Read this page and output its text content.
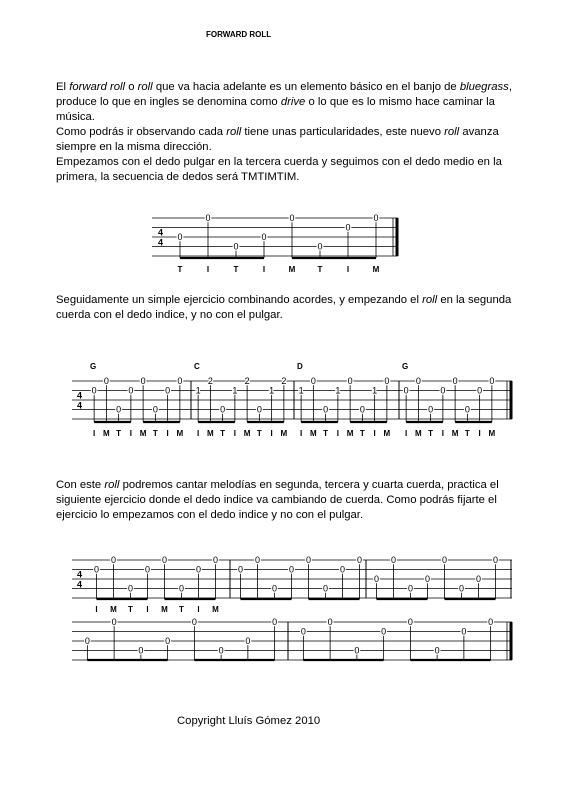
FORWARD ROLL
El forward roll o roll que va hacia adelante es un elemento básico en el banjo de bluegrass, produce lo que en ingles se denomina como drive o lo que es lo mismo hace caminar la música.
Como podrás ir observando cada roll tiene unas particularidades, este nuevo roll avanza siempre en la misma dirección.
Empezamos con el dedo pulgar en la tercera cuerda y seguimos con el dedo medio en la primera, la secuencia de dedos será TMTIMTIM.
4
4
0
0
0
0
0
0
0
0
T	I	T	I	M	T	I	M
Seguidamente un simple ejercicio combinando acordes, y empezando el roll en la segunda cuerda con el dedo indice, y no con el pulgar.
4
4
G
0
0
0
0
0
0
0
0
I M T I M T I M
C
1
2
0
1
2
0
1
2
I M T I M T I M
D
1
0
0
1
0
0
1
0
I M T I M T I M
G
0
0
0
0
0
0
0
0
I M T I M T I M
Con este roll podremos cantar melodías en segunda, tercera y cuarta cuerda, practica el siguiente ejercicio donde el dedo indice va cambiando de cuerda. Como podrás fijarte el ejercicio lo empezamos con el dedo indice y no con el pulgar.
4
4
0
0
0
0
0
0
0
0
I M T I M T I M
0
0
0
0
0
0
0
0
0
0
0
0
0
0
0
0
0
0
0
0
0
0
0
0
0
0
0
0
0
0
0
0
Copyright Lluís Gómez 2010
